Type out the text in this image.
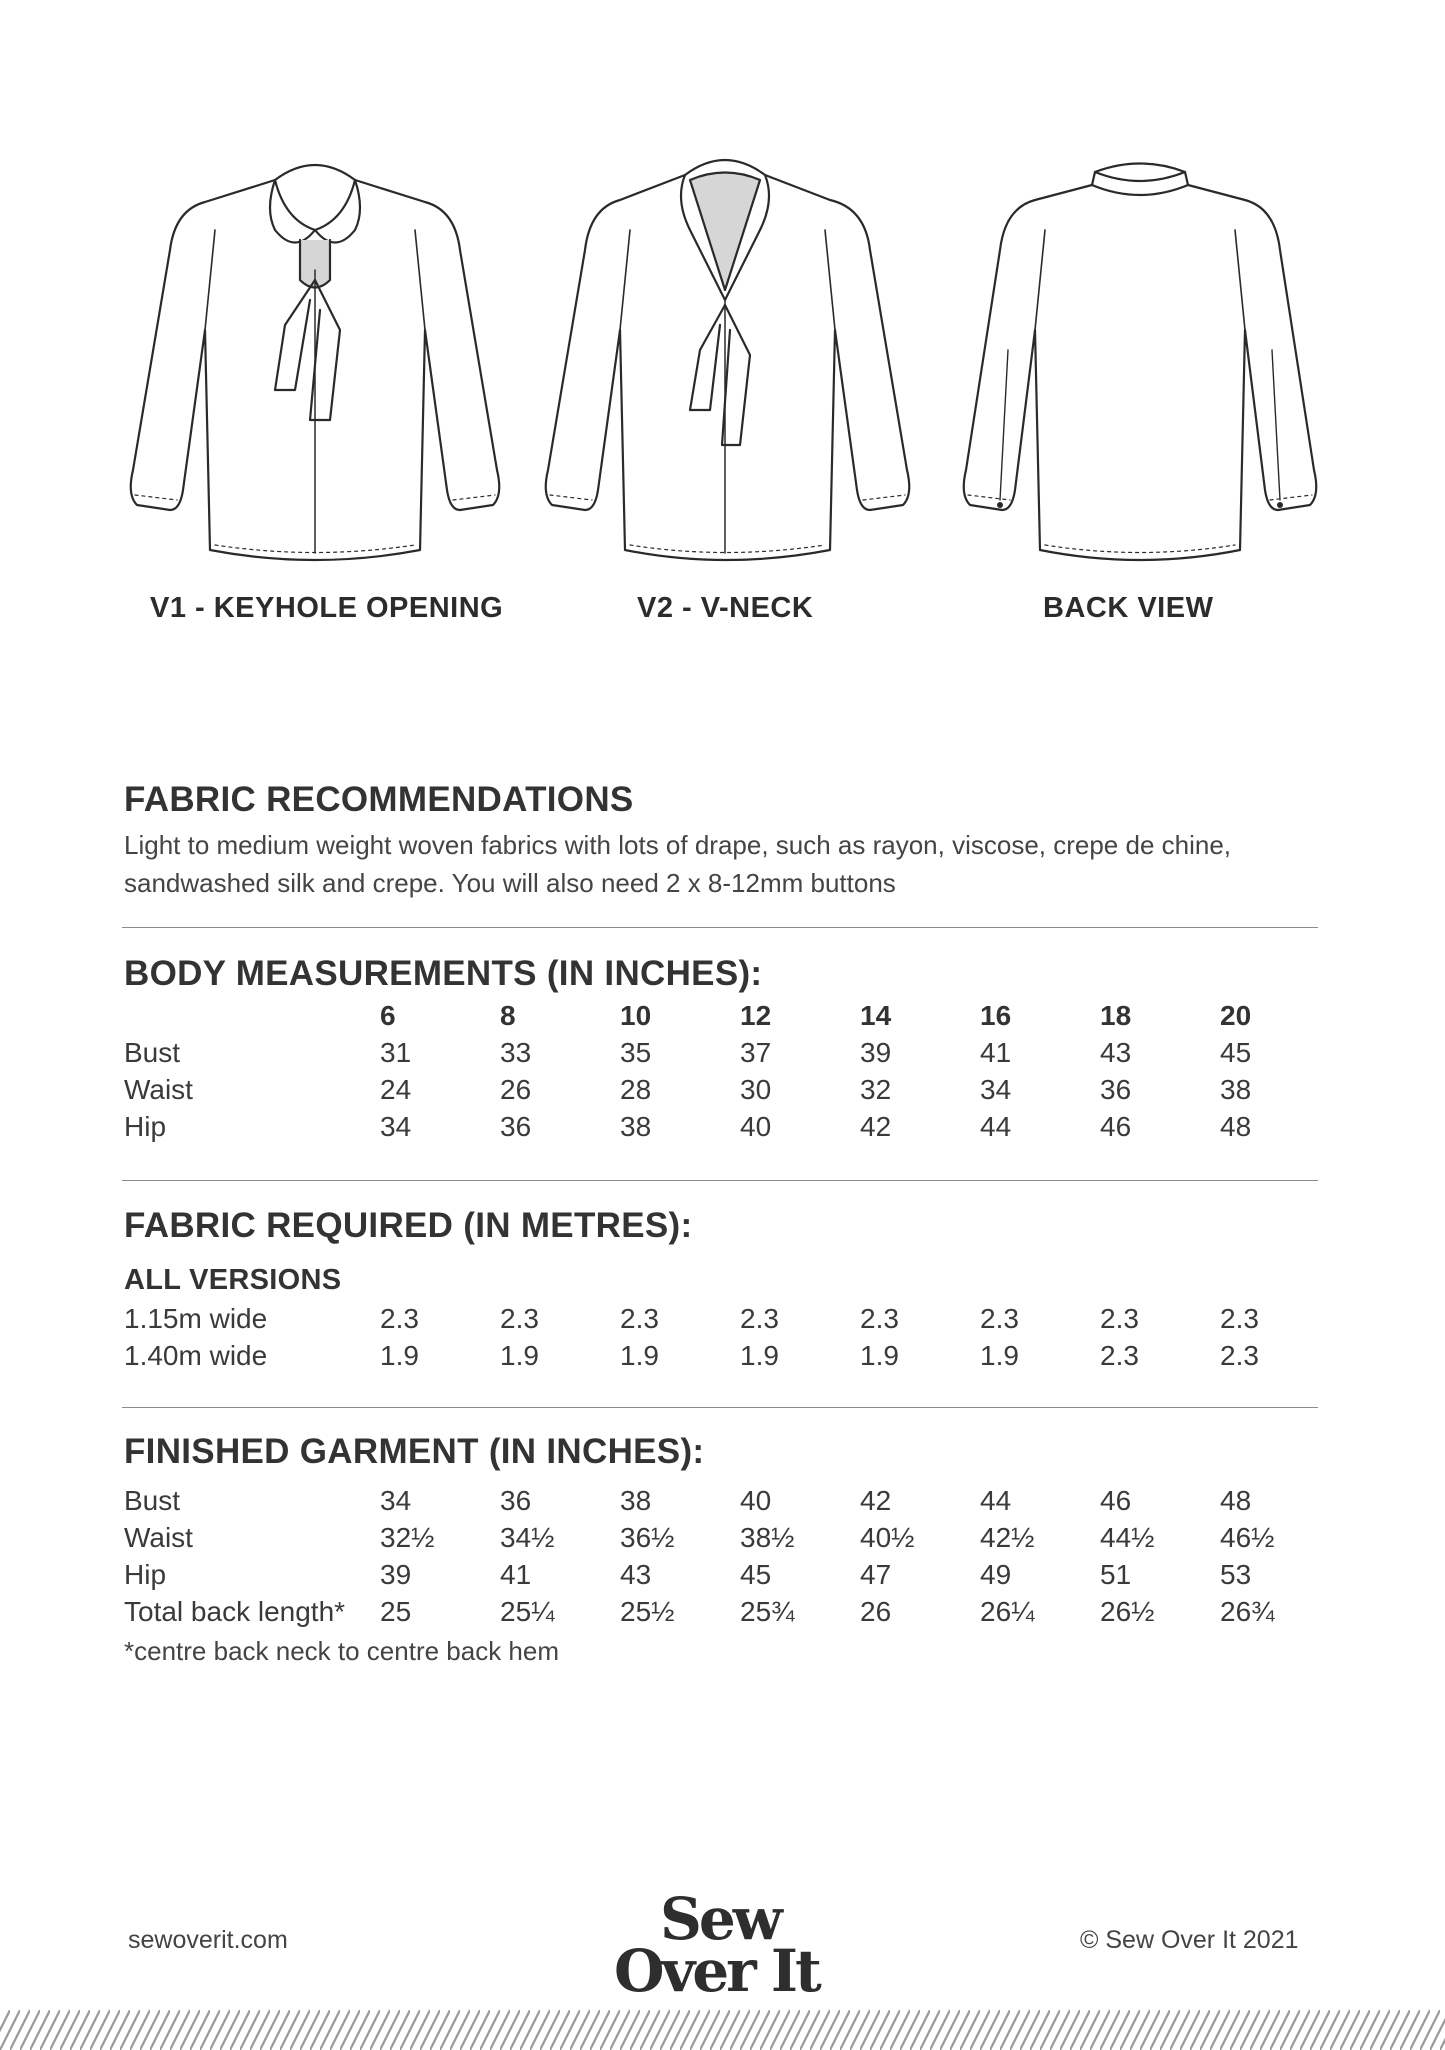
V1 - KEYHOLE OPENING	V2 - V-NECK	BACK VIEW
FABRIC RECOMMENDATIONS
Light to medium weight woven fabrics with lots of drape, such as rayon, viscose, crepe de chine,
sandwashed silk and crepe. You will also need 2 x 8-12mm buttons
BODY MEASUREMENTS (IN INCHES):
	6	8	10	12	14	16	18	20
Bust	31	33	35	37	39	41	43	45
Waist	24	26	28	30	32	34	36	38
Hip	34	36	38	40	42	44	46	48
FABRIC REQUIRED (IN METRES):
ALL VERSIONS
1.15m wide	2.3	2.3	2.3	2.3	2.3	2.3	2.3	2.3
1.40m wide	1.9	1.9	1.9	1.9	1.9	1.9	2.3	2.3
FINISHED GARMENT (IN INCHES):
Bust	34	36	38	40	42	44	46	48
Waist	32½	34½	36½	38½	40½	42½	44½	46½
Hip	39	41	43	45	47	49	51	53
Total back length*	25	25¼	25½	25¾	26	26¼	26½	26¾
*centre back neck to centre back hem
sewoverit.com	Sew
Over It	© Sew Over It 2021
